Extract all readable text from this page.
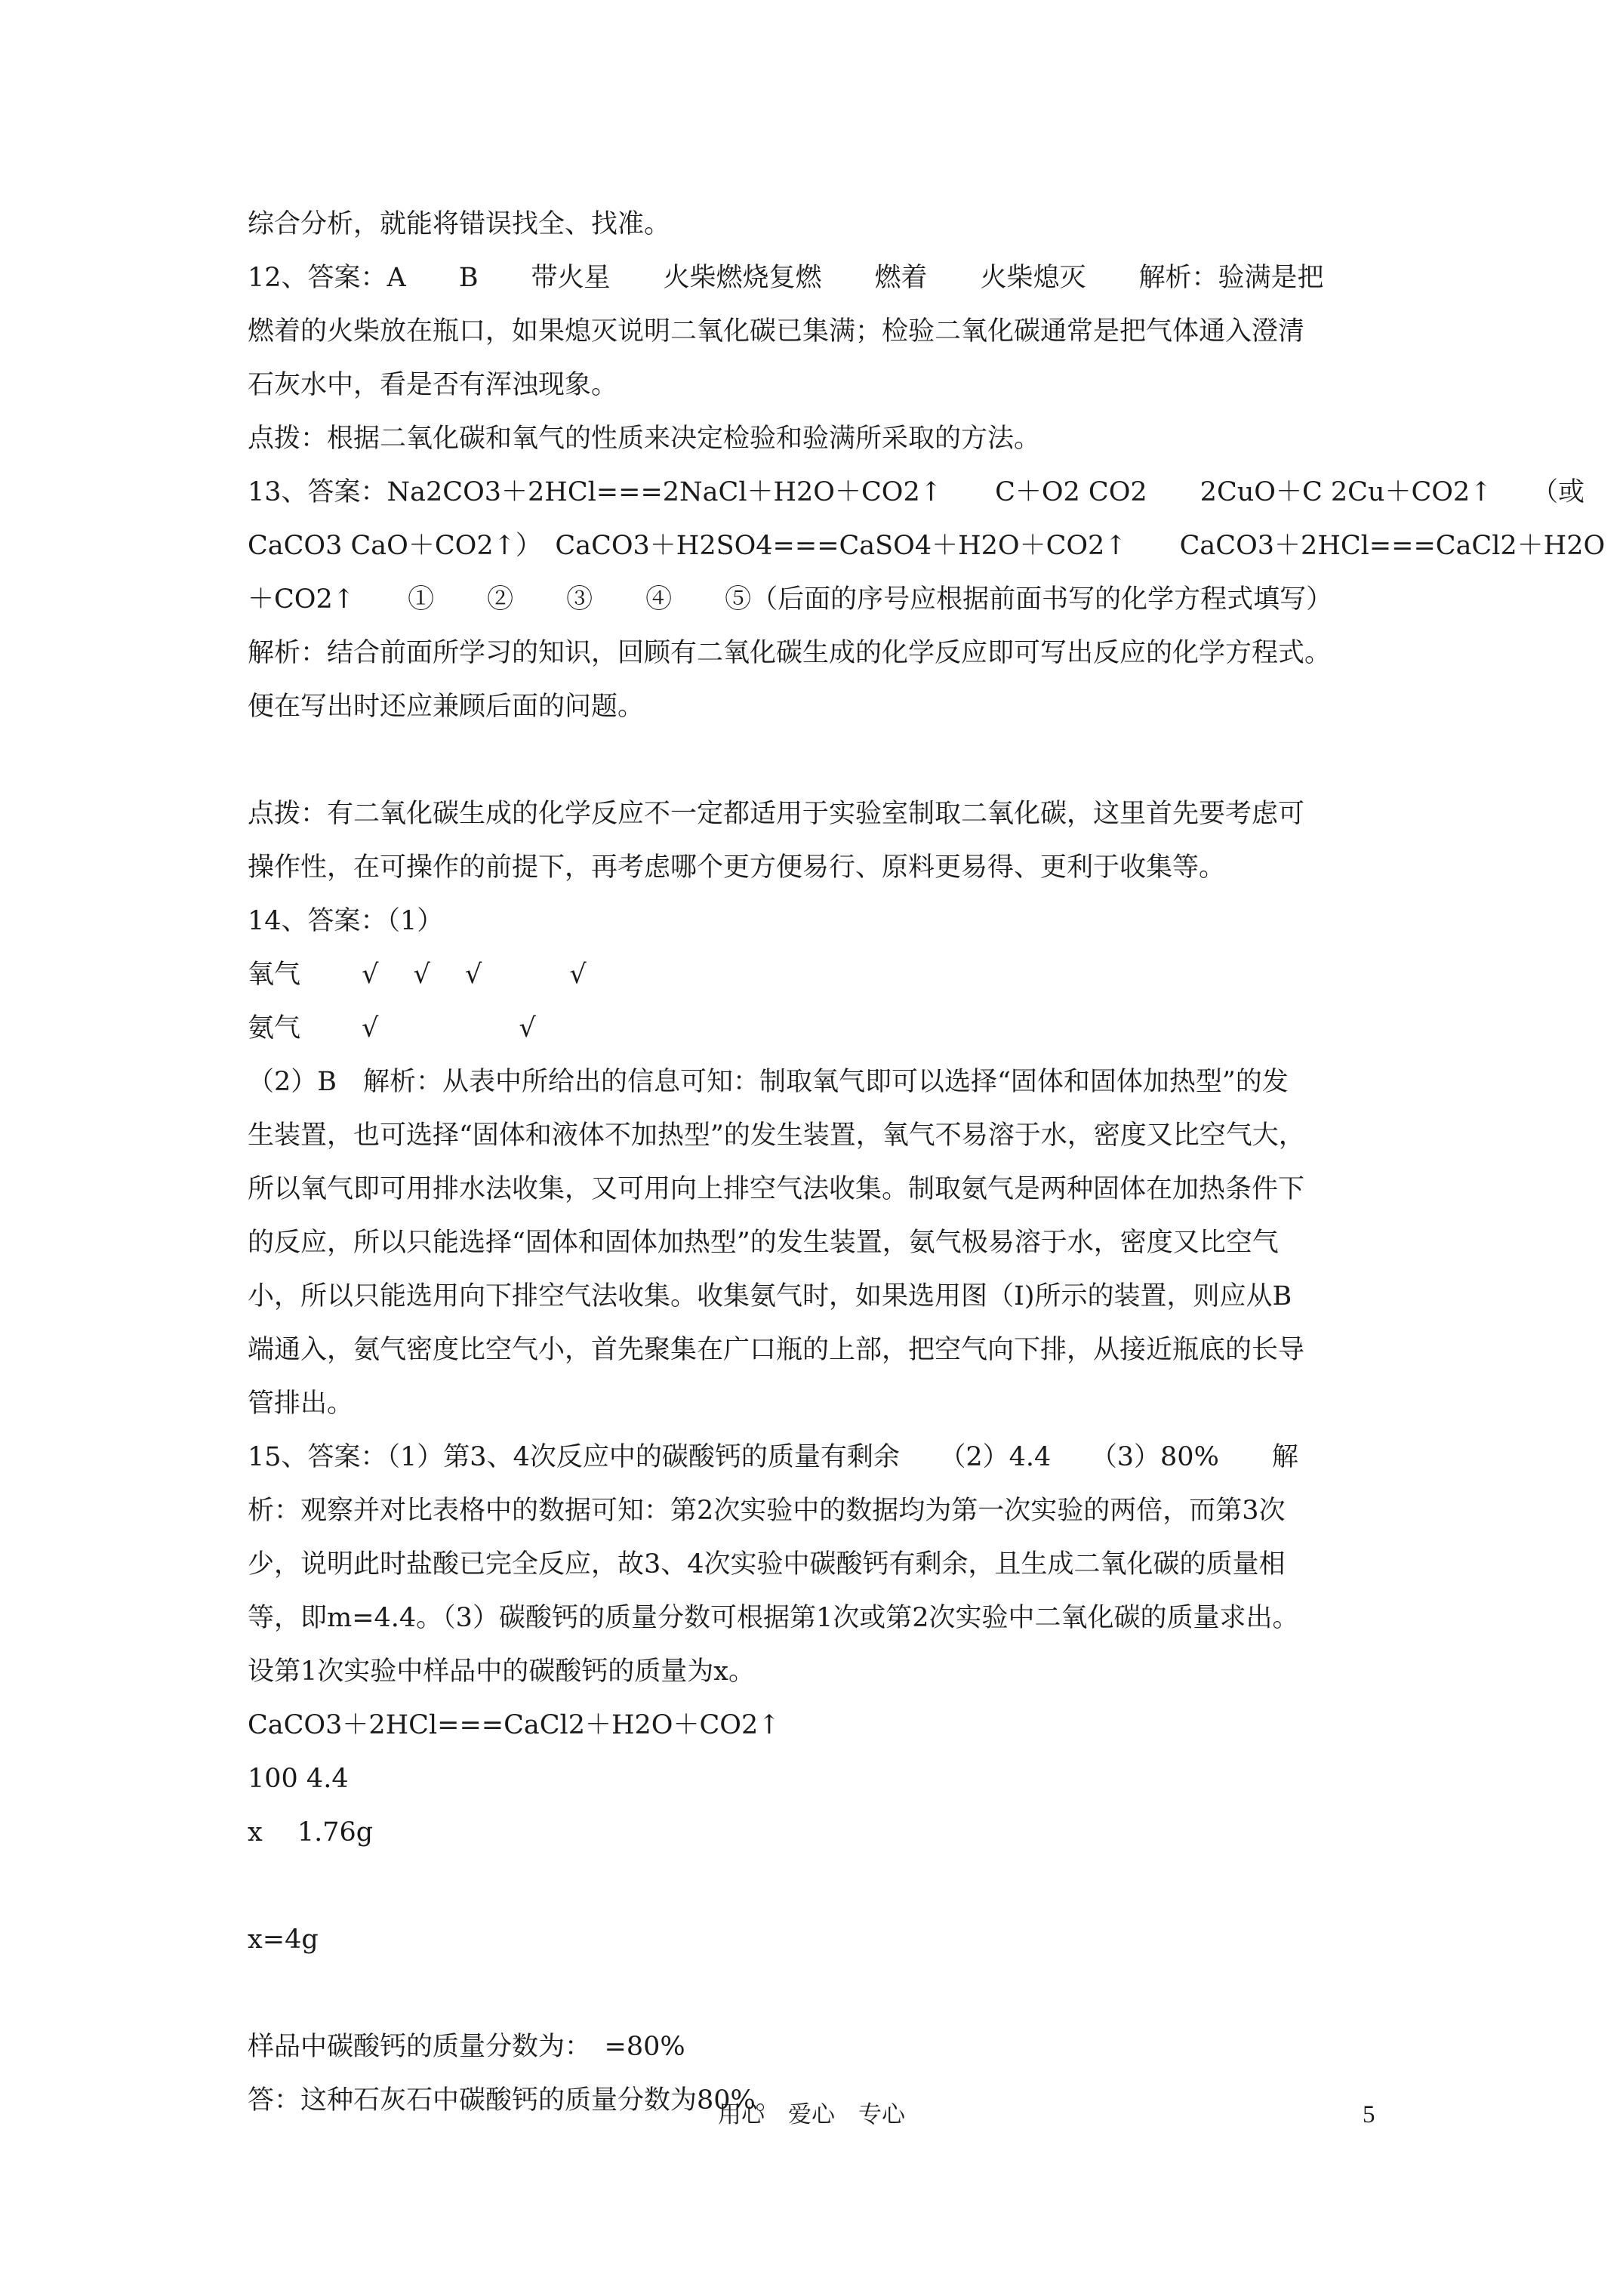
综合分析，就能将错误找全、找准。
12、答案：A　　B　　带火星　　火柴燃烧复燃　　燃着　　火柴熄灭　　解析：验满是把
燃着的火柴放在瓶口，如果熄灭说明二氧化碳已集满；检验二氧化碳通常是把气体通入澄清
石灰水中，看是否有浑浊现象。
点拨：根据二氧化碳和氧气的性质来决定检验和验满所采取的方法。
13、答案：Na2CO3＋2HCl===2NaCl＋H2O＋CO2↑　　C＋O2 CO2　　2CuO＋C 2Cu＋CO2↑　　（或
CaCO3 CaO＋CO2↑）　CaCO3＋H2SO4===CaSO4＋H2O＋CO2↑　　CaCO3＋2HCl===CaCl2＋H2O
＋CO2↑　　①　　②　　③　　④　　⑤（后面的序号应根据前面书写的化学方程式填写）
解析：结合前面所学习的知识，回顾有二氧化碳生成的化学反应即可写出反应的化学方程式。
便在写出时还应兼顾后面的问题。
点拨：有二氧化碳生成的化学反应不一定都适用于实验室制取二氧化碳，这里首先要考虑可
操作性，在可操作的前提下，再考虑哪个更方便易行、原料更易得、更利于收集等。
14、答案：（1）
氧气　　 √　 √　 √　　　 √
氨气　　 √　　　　　 √
（2）B　解析：从表中所给出的信息可知：制取氧气即可以选择“固体和固体加热型”的发
生装置，也可选择“固体和液体不加热型”的发生装置，氧气不易溶于水，密度又比空气大，
所以氧气即可用排水法收集，又可用向上排空气法收集。制取氨气是两种固体在加热条件下
的反应，所以只能选择“固体和固体加热型”的发生装置，氨气极易溶于水，密度又比空气
小，所以只能选用向下排空气法收集。收集氨气时，如果选用图（I)所示的装置，则应从B
端通入，氨气密度比空气小，首先聚集在广口瓶的上部，把空气向下排，从接近瓶底的长导
管排出。
15、答案：（1）第3、4次反应中的碳酸钙的质量有剩余　　（2）4.4　　（3）80%　　解
析：观察并对比表格中的数据可知：第2次实验中的数据均为第一次实验的两倍，而第3次
少，说明此时盐酸已完全反应，故3、4次实验中碳酸钙有剩余，且生成二氧化碳的质量相
等，即m=4.4。（3）碳酸钙的质量分数可根据第1次或第2次实验中二氧化碳的质量求出。
设第1次实验中样品中的碳酸钙的质量为x。
CaCO3＋2HCl===CaCl2＋H2O＋CO2↑
100 4.4
x　 1.76g
x=4g
样品中碳酸钙的质量分数为：　=80%
答：这种石灰石中碳酸钙的质量分数为80%。
用心　爱心　专心	5
